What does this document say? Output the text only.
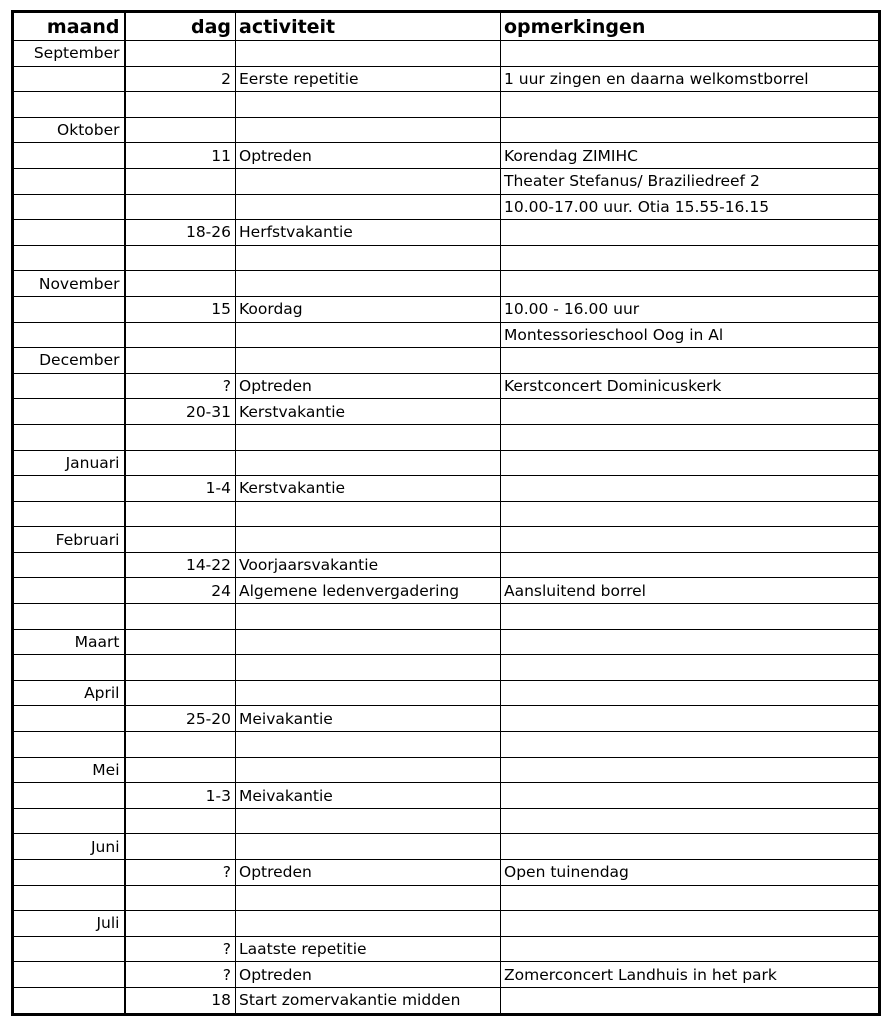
maand	dag	activiteit	opmerkingen
September			
	2	Eerste repetitie	1 uur zingen en daarna welkomstborrel

Oktober			
	11	Optreden	Korendag ZIMIHC
			Theater Stefanus/ Braziliedreef 2
			10.00-17.00 uur. Otia 15.55-16.15
	18-26	Herfstvakantie	

November			
	15	Koordag	10.00 - 16.00 uur
			Montessorieschool Oog in Al
December			
	?	Optreden	Kerstconcert Dominicuskerk
	20-31	Kerstvakantie	

Januari			
	1-4	Kerstvakantie	

Februari			
	14-22	Voorjaarsvakantie	
	24	Algemene ledenvergadering	Aansluitend borrel

Maart			

April			
	25-20	Meivakantie	

Mei			
	1-3	Meivakantie	

Juni			
	?	Optreden	Open tuinendag

Juli			
	?	Laatste repetitie	
	?	Optreden	Zomerconcert Landhuis in het park
	18	Start zomervakantie midden	
